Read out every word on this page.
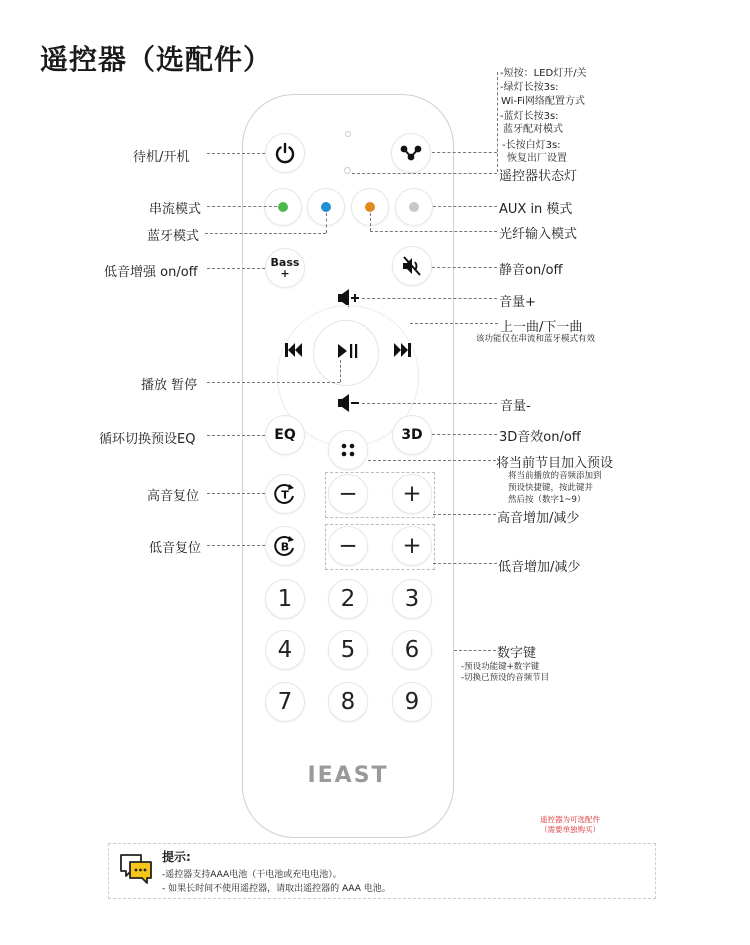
遥控器（选配件）
Bass
+
EQ	3D
T	−	+
B	−	+
1	2	3
4	5	6
7	8	9
IEAST
待机/开机
串流模式
蓝牙模式
低音增强 on/off
播放 暂停
循环切换预设EQ
高音复位
低音复位
-短按：LED灯开/关
-绿灯长按3s:
Wi-Fi网络配置方式
-蓝灯长按3s:
蓝牙配对模式
-长按白灯3s:
恢复出厂设置
遥控器状态灯
AUX in 模式
光纤输入模式
静音on/off
音量+
上一曲/下一曲
该功能仅在串流和蓝牙模式有效
音量-
3D音效on/off
将当前节目加入预设
将当前播放的音频添加到
预设快捷键，按此键并
然后按（数字1~9）
高音增加/减少
低音增加/减少
数字键
-预设功能键+数字键
-切换已预设的音频节目
遥控器为可选配件
（需要单独购买）
提示:
-遥控器支持AAA电池（干电池或充电电池）。
- 如果长时间不使用遥控器，请取出遥控器的 AAA 电池。
